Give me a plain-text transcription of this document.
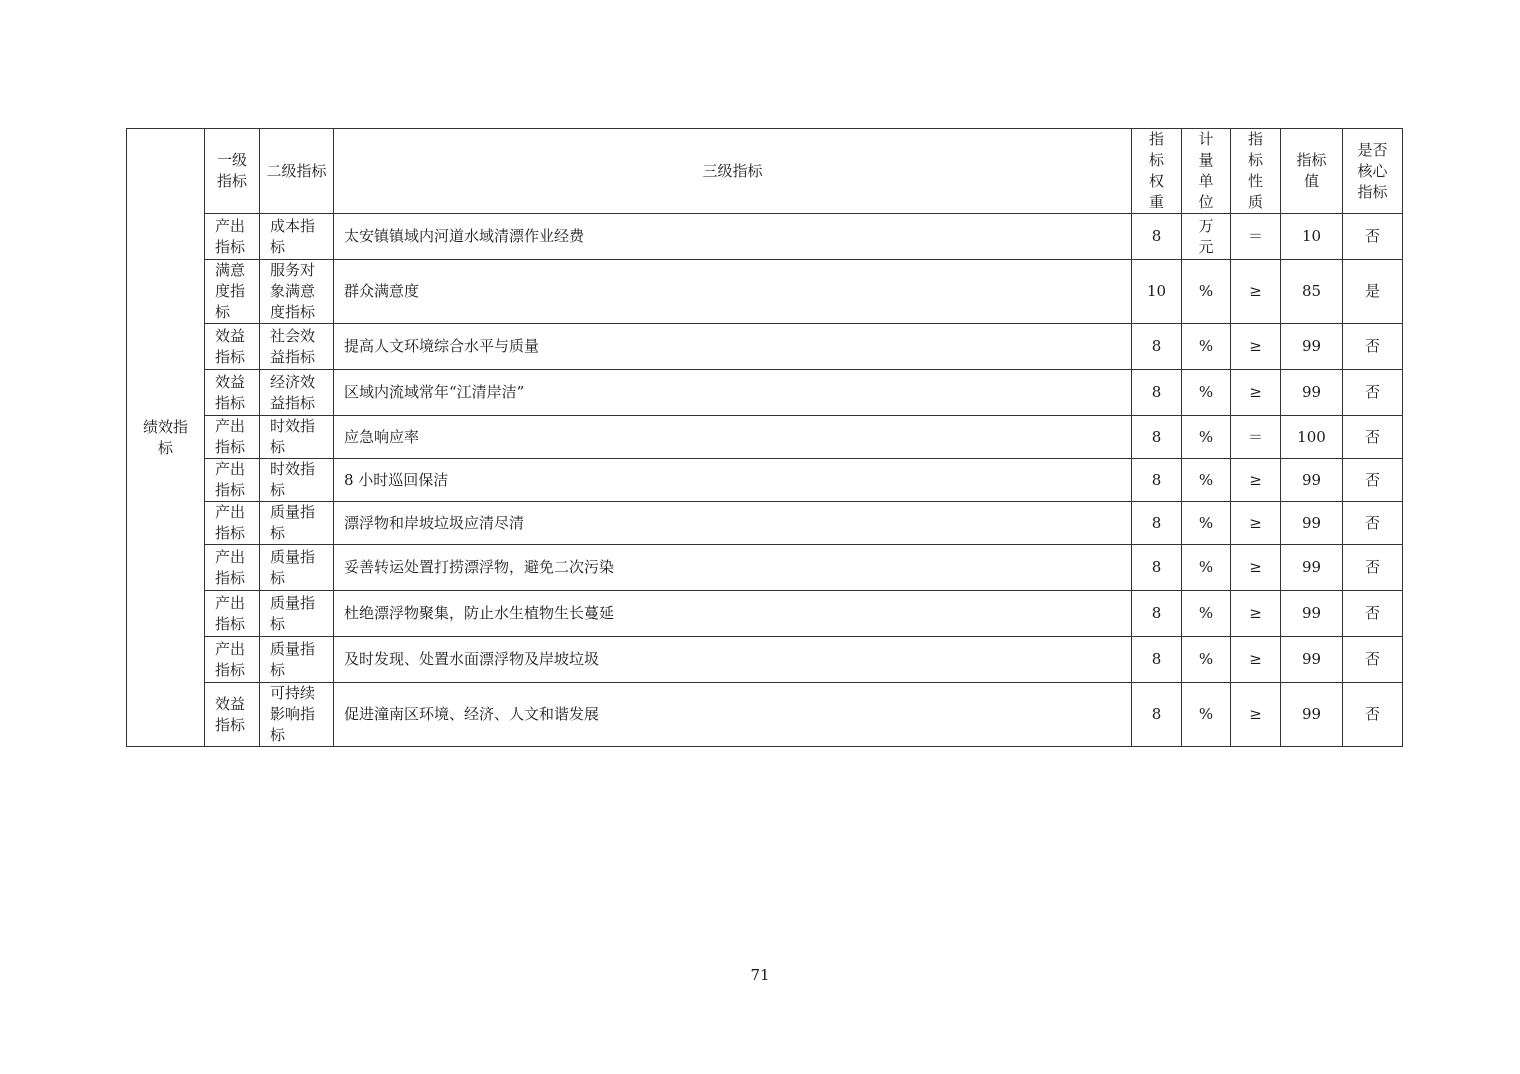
绩效指标	一级指标	二级指标	三级指标	指标权重	计量单位	指标性质	指标值	是否核心指标
	产出指标	成本指标	太安镇镇域内河道水域清漂作业经费	8	万元	＝	10	否
	满意度指标	服务对象满意度指标	群众满意度	10	%	≥	85	是
	效益指标	社会效益指标	提高人文环境综合水平与质量	8	%	≥	99	否
	效益指标	经济效益指标	区域内流域常年“江清岸洁”	8	%	≥	99	否
	产出指标	时效指标	应急响应率	8	%	＝	100	否
	产出指标	时效指标	8 小时巡回保洁	8	%	≥	99	否
	产出指标	质量指标	漂浮物和岸坡垃圾应清尽清	8	%	≥	99	否
	产出指标	质量指标	妥善转运处置打捞漂浮物，避免二次污染	8	%	≥	99	否
	产出指标	质量指标	杜绝漂浮物聚集，防止水生植物生长蔓延	8	%	≥	99	否
	产出指标	质量指标	及时发现、处置水面漂浮物及岸坡垃圾	8	%	≥	99	否
	效益指标	可持续影响指标	促进潼南区环境、经济、人文和谐发展	8	%	≥	99	否
71
